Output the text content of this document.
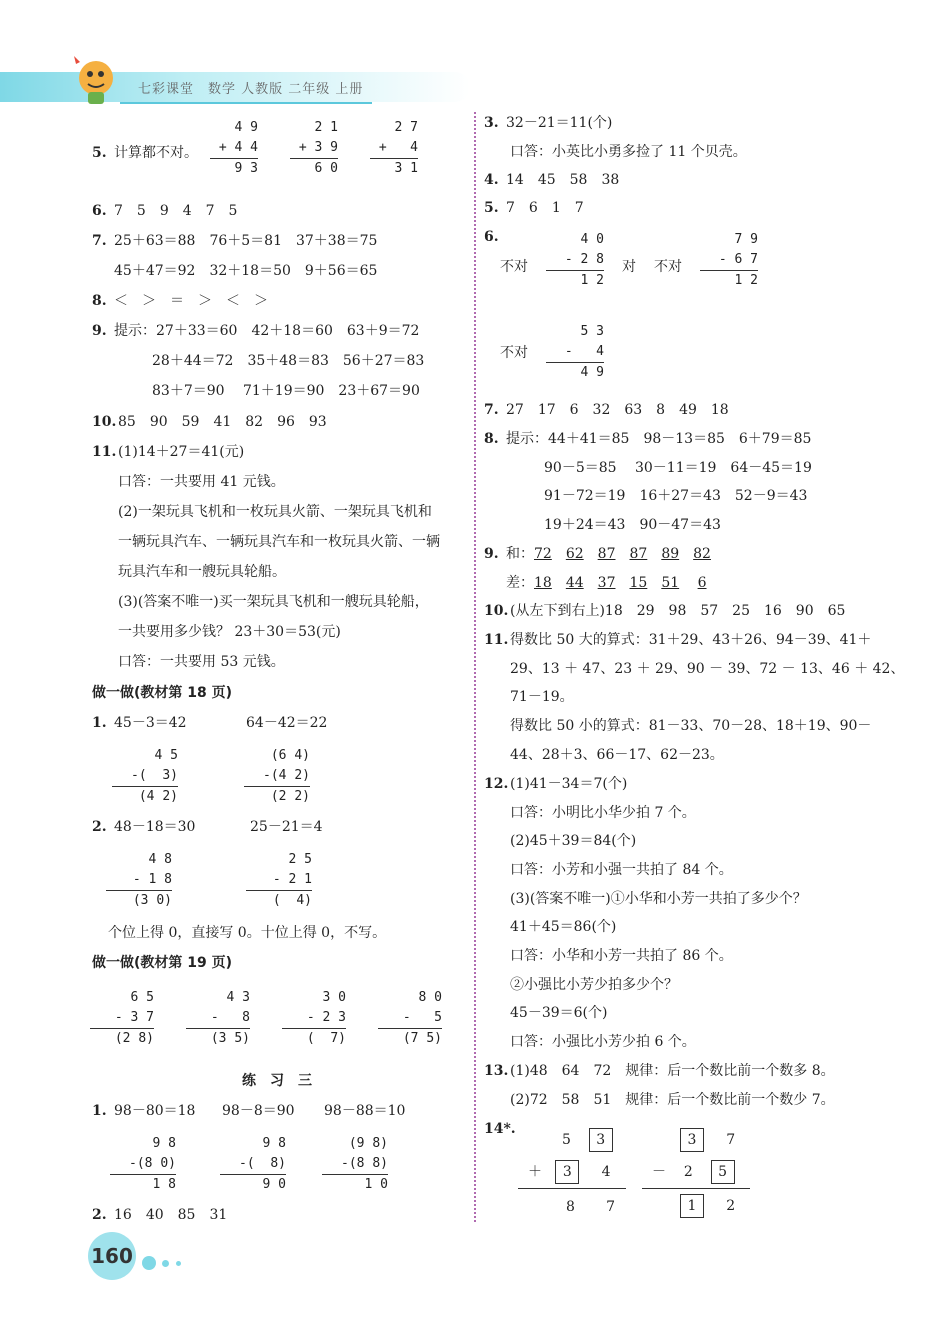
七彩课堂　数学 人教版 二年级 上册
4 9
+ 4 4
9 3
2 1
+ 3 9
6 0
2 7
+   4
3 1
5. 计算都不对。
6. 7　5　9　4　7　5
7. 25＋63＝88　76＋5＝81　37＋38＝75
45＋47＝92　32＋18＝50　9＋56＝65
8. ＜　＞　＝　＞　＜　＞
9. 提示：27＋33＝60　42＋18＝60　63＋9＝72
28＋44＝72　35＋48＝83　56＋27＝83
83＋7＝90　 71＋19＝90　23＋67＝90
10. 85　90　59　41　82　96　93
11. (1)14＋27＝41(元)
口答：一共要用 41 元钱。
(2)一架玩具飞机和一枚玩具火箭、一架玩具飞机和
一辆玩具汽车、一辆玩具汽车和一枚玩具火箭、一辆
玩具汽车和一艘玩具轮船。
(3)(答案不唯一)买一架玩具飞机和一艘玩具轮船，
一共要用多少钱？ 23＋30＝53(元)
口答：一共要用 53 元钱。
做一做(教材第 18 页)
1. 45－3＝42	64－42＝22
4 5
-(  3)
(4 2)
(6 4)
-(4 2)
(2 2)
2. 48－18＝30	25－21＝4
4 8
- 1 8
(3 0)
2 5
- 2 1
(  4)
个位上得 0，直接写 0。十位上得 0，不写。
做一做(教材第 19 页)
6 5
- 3 7
(2 8)
4 3
-   8
(3 5)
3 0
- 2 3
(  7)
8 0
-   5
(7 5)
练　习　三
1. 98－80＝18 98－8＝90 98－88＝10
9 8
-(8 0)
1 8
9 8
-(  8)
9 0
(9 8)
-(8 8)
1 0
2. 16　40　85　31
3. 32－21＝11(个)
口答：小英比小勇多捡了 11 个贝壳。
4. 14　45　58　38
5. 7　6　1　7
6.
不对
4 0
- 2 8
1 2
对 不对
7 9
- 6 7
1 2
不对
5 3
-   4
4 9
7. 27　17　6　32　63　8　49　18
8. 提示：44＋41＝85　98－13＝85　6＋79＝85
90－5＝85　 30－11＝19　64－45＝19
91－72＝19　16＋27＝43　52－9＝43
19＋24＝43　90－47＝43
9. 和：72　 62　 87　 87　 89　 82
差：18　 44　 37　 15　 51　 6
10. (从左下到右上)18　29　98　57　25　16　90　65
11. 得数比 50 大的算式：31＋29、43＋26、94－39、41＋
29、13 ＋ 47、23 ＋ 29、90 － 39、72 － 13、46 ＋ 42、
71－19。
得数比 50 小的算式：81－33、70－28、18＋19、90－
44、28＋3、66－17、62－23。
12. (1)41－34＝7(个)
口答：小明比小华少拍 7 个。
(2)45＋39＝84(个)
口答：小芳和小强一共拍了 84 个。
(3)(答案不唯一)①小华和小芳一共拍了多少个？
41＋45＝86(个)
口答：小华和小芳一共拍了 86 个。
②小强比小芳少拍多少个？
45－39＝6(个)
口答：小强比小芳少拍 6 个。
13. (1)48　64　72　规律：后一个数比前一个数多 8。
(2)72　58　51　规律：后一个数比前一个数少 7。
14*.
5 3
＋   3 4
8 7
3 7
－    2 5
1 2
160
